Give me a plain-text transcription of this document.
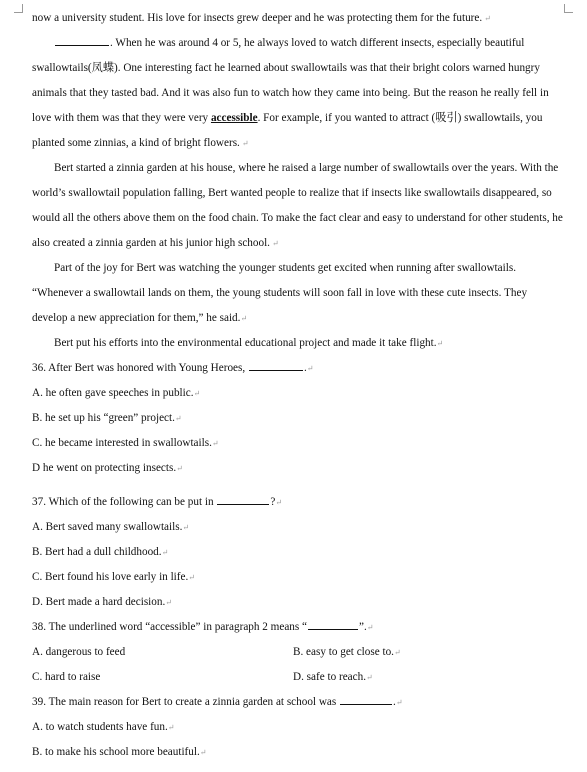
now a university student. His love for insects grew deeper and he was protecting them for the future. ↵
. When he was around 4 or 5, he always loved to watch different insects, especially beautiful
swallowtails(凤蝶). One interesting fact he learned about swallowtails was that their bright colors warned hungry
animals that they tasted bad. And it was also fun to watch how they came into being. But the reason he really fell in
love with them was that they were very accessible. For example, if you wanted to attract (吸引) swallowtails, you
planted some zinnias, a kind of bright flowers. ↵
Bert started a zinnia garden at his house, where he raised a large number of swallowtails over the years. With the
world’s swallowtail population falling, Bert wanted people to realize that if insects like swallowtails disappeared, so
would all the others above them on the food chain. To make the fact clear and easy to understand for other students, he
also created a zinnia garden at his junior high school. ↵
Part of the joy for Bert was watching the younger students get excited when running after swallowtails.
“Whenever a swallowtail lands on them, the young students will soon fall in love with these cute insects. They
develop a new appreciation for them,” he said.↵
Bert put his efforts into the environmental educational project and made it take flight.↵
36. After Bert was honored with Young Heroes,	.↵
A. he often gave speeches in public.↵
B. he set up his “green” project.↵
C. he became interested in swallowtails.↵
D he went on protecting insects.↵
37. Which of the following can be put in	?↵
A. Bert saved many swallowtails.↵
B. Bert had a dull childhood.↵
C. Bert found his love early in life.↵
D. Bert made a hard decision.↵
38. The underlined word “accessible” in paragraph 2 means “	”.↵
A. dangerous to feed	B. easy to get close to.↵
C. hard to raise	D. safe to reach.↵
39. The main reason for Bert to create a zinnia garden at school was	.↵
A. to watch students have fun.↵
B. to make his school more beautiful.↵
